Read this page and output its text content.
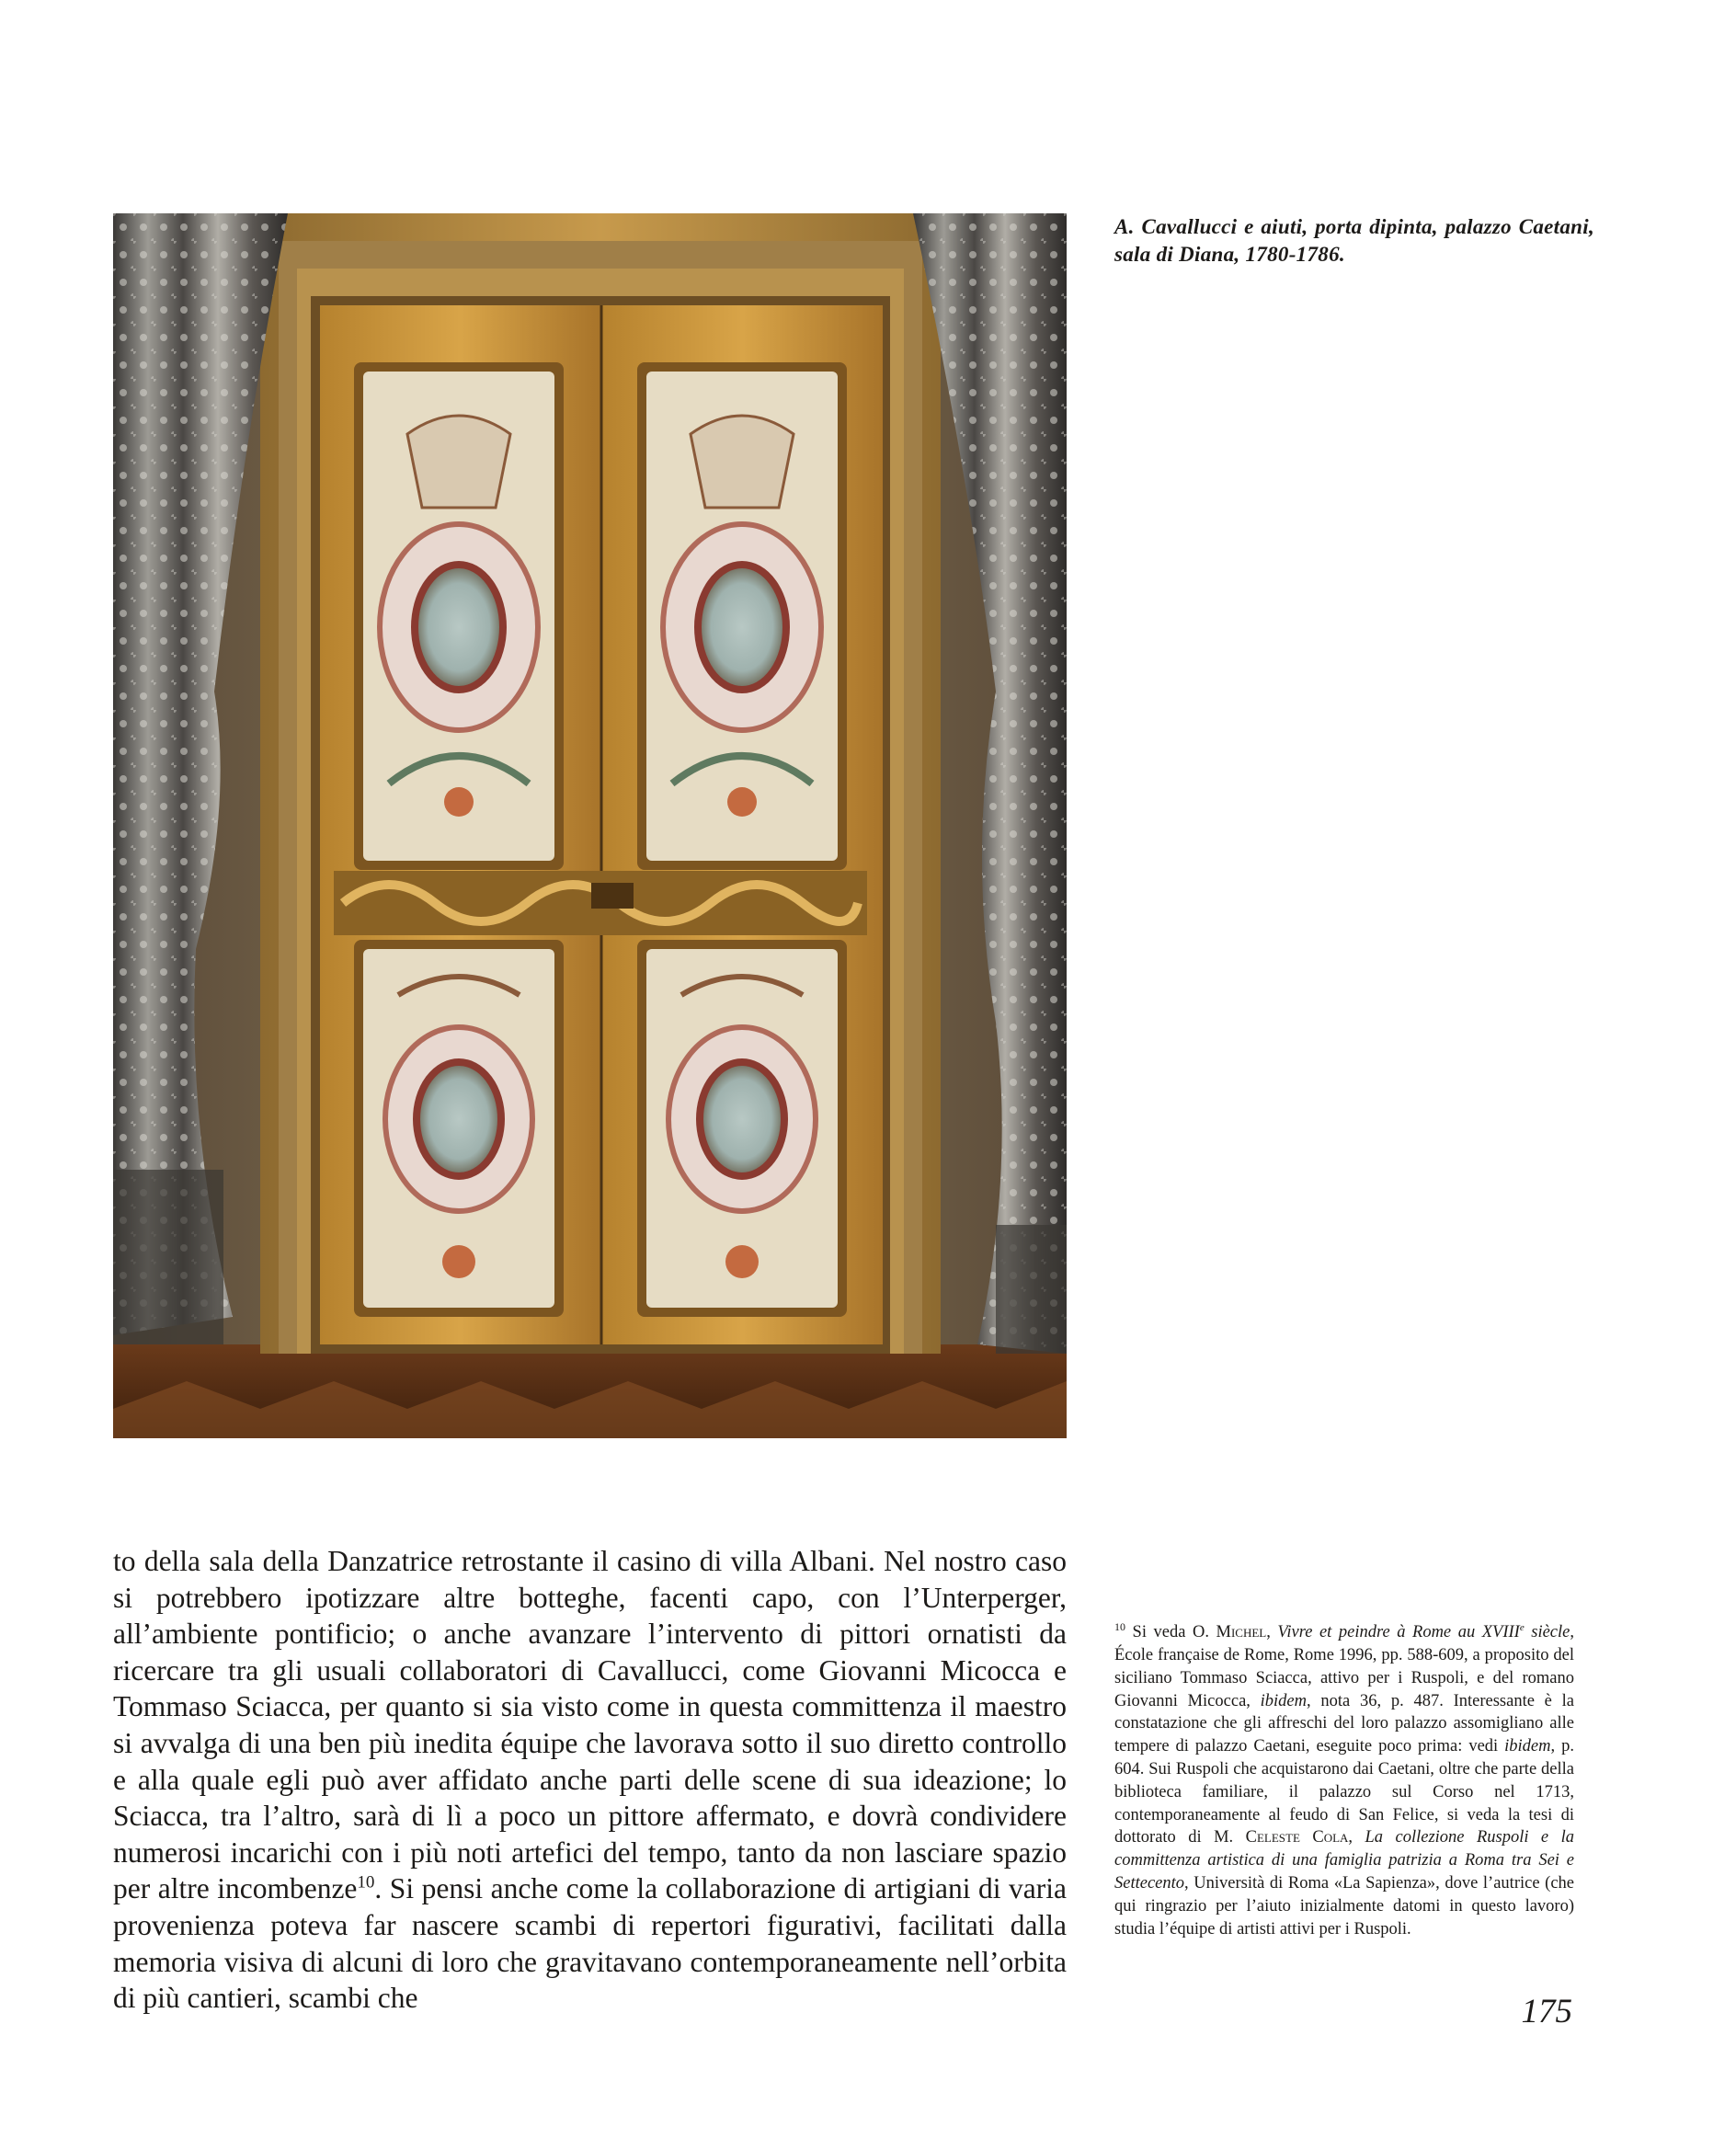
A. Cavallucci e aiuti, porta dipinta, palazzo Caetani, sala di Diana, 1780-1786.

to della sala della Danzatrice retrostante il casino di villa Albani. Nel nostro caso si potrebbero ipotizzare altre botteghe, facenti capo, con l’Unterperger, all’ambiente pontificio; o anche avanzare l’intervento di pittori ornatisti da ricercare tra gli usuali collaboratori di Cavallucci, come Giovanni Micocca e Tommaso Sciacca, per quanto si sia visto come in questa committenza il maestro si avvalga di una ben più inedita équipe che lavorava sotto il suo diretto controllo e alla quale egli può aver affidato anche parti delle scene di sua ideazione; lo Sciacca, tra l’altro, sarà di lì a poco un pittore affermato, e dovrà condividere numerosi incarichi con i più noti artefici del tempo, tanto da non lasciare spazio per altre incombenze$^{10}$. Si pensi anche come la collaborazione di artigiani di varia provenienza poteva far nascere scambi di repertori figurativi, facilitati dalla memoria visiva di alcuni di loro che gravitavano contemporaneamente nell’orbita di più cantieri, scambi che

$^{10}$ Si veda O. Michel, Vivre et peindre à Rome au XVIIIe siècle, École française de Rome, Rome 1996, pp. 588-609, a proposito del siciliano Tommaso Sciacca, attivo per i Ruspoli, e del romano Giovanni Micocca, ibidem, nota 36, p. 487. Interessante è la constatazione che gli affreschi del loro palazzo assomigliano alle tempere di palazzo Caetani, eseguite poco prima: vedi ibidem, p. 604. Sui Ruspoli che acquistarono dai Caetani, oltre che parte della biblioteca familiare, il palazzo sul Corso nel 1713, contemporaneamente al feudo di San Felice, si veda la tesi di dottorato di M. Celeste Cola, La collezione Ruspoli e la committenza artistica di una famiglia patrizia a Roma tra Sei e Settecento, Università di Roma «La Sapienza», dove l’autrice (che qui ringrazio per l’aiuto inizialmente datomi in questo lavoro) studia l’équipe di artisti attivi per i Ruspoli.

175
